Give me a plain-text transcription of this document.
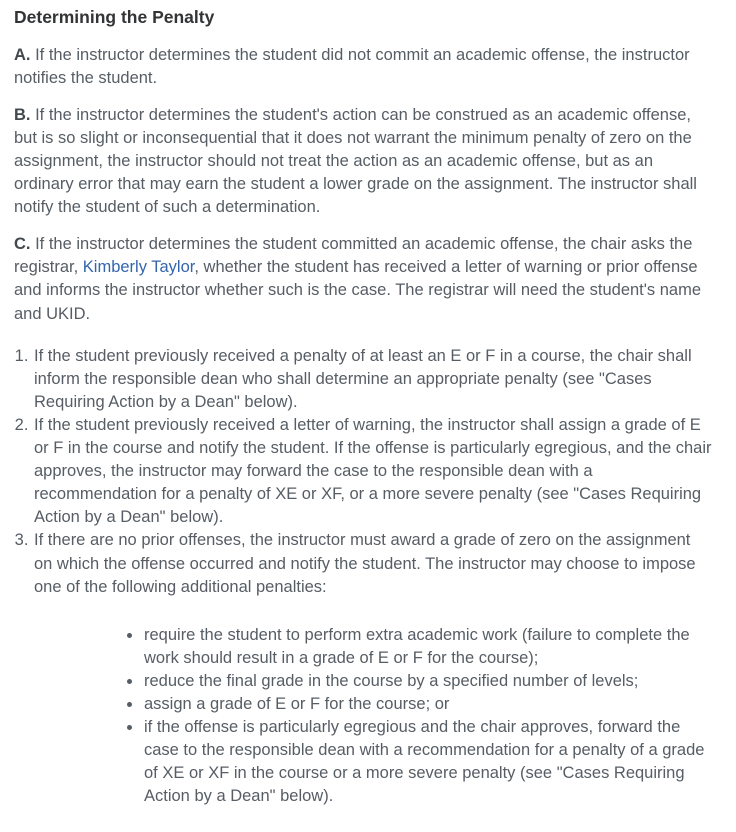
Determining the Penalty

A. If the instructor determines the student did not commit an academic offense, the instructor notifies the student.

B. If the instructor determines the student's action can be construed as an academic offense, but is so slight or inconsequential that it does not warrant the minimum penalty of zero on the assignment, the instructor should not treat the action as an academic offense, but as an ordinary error that may earn the student a lower grade on the assignment. The instructor shall notify the student of such a determination.

C. If the instructor determines the student committed an academic offense, the chair asks the registrar, Kimberly Taylor, whether the student has received a letter of warning or prior offense and informs the instructor whether such is the case. The registrar will need the student's name and UKID.

1. If the student previously received a penalty of at least an E or F in a course, the chair shall inform the responsible dean who shall determine an appropriate penalty (see "Cases Requiring Action by a Dean" below).
2. If the student previously received a letter of warning, the instructor shall assign a grade of E or F in the course and notify the student. If the offense is particularly egregious, and the chair approves, the instructor may forward the case to the responsible dean with a recommendation for a penalty of XE or XF, or a more severe penalty (see "Cases Requiring Action by a Dean" below).
3. If there are no prior offenses, the instructor must award a grade of zero on the assignment on which the offense occurred and notify the student. The instructor may choose to impose one of the following additional penalties:
• require the student to perform extra academic work (failure to complete the work should result in a grade of E or F for the course);
• reduce the final grade in the course by a specified number of levels;
• assign a grade of E or F for the course; or
• if the offense is particularly egregious and the chair approves, forward the case to the responsible dean with a recommendation for a penalty of a grade of XE or XF in the course or a more severe penalty (see "Cases Requiring Action by a Dean" below).
